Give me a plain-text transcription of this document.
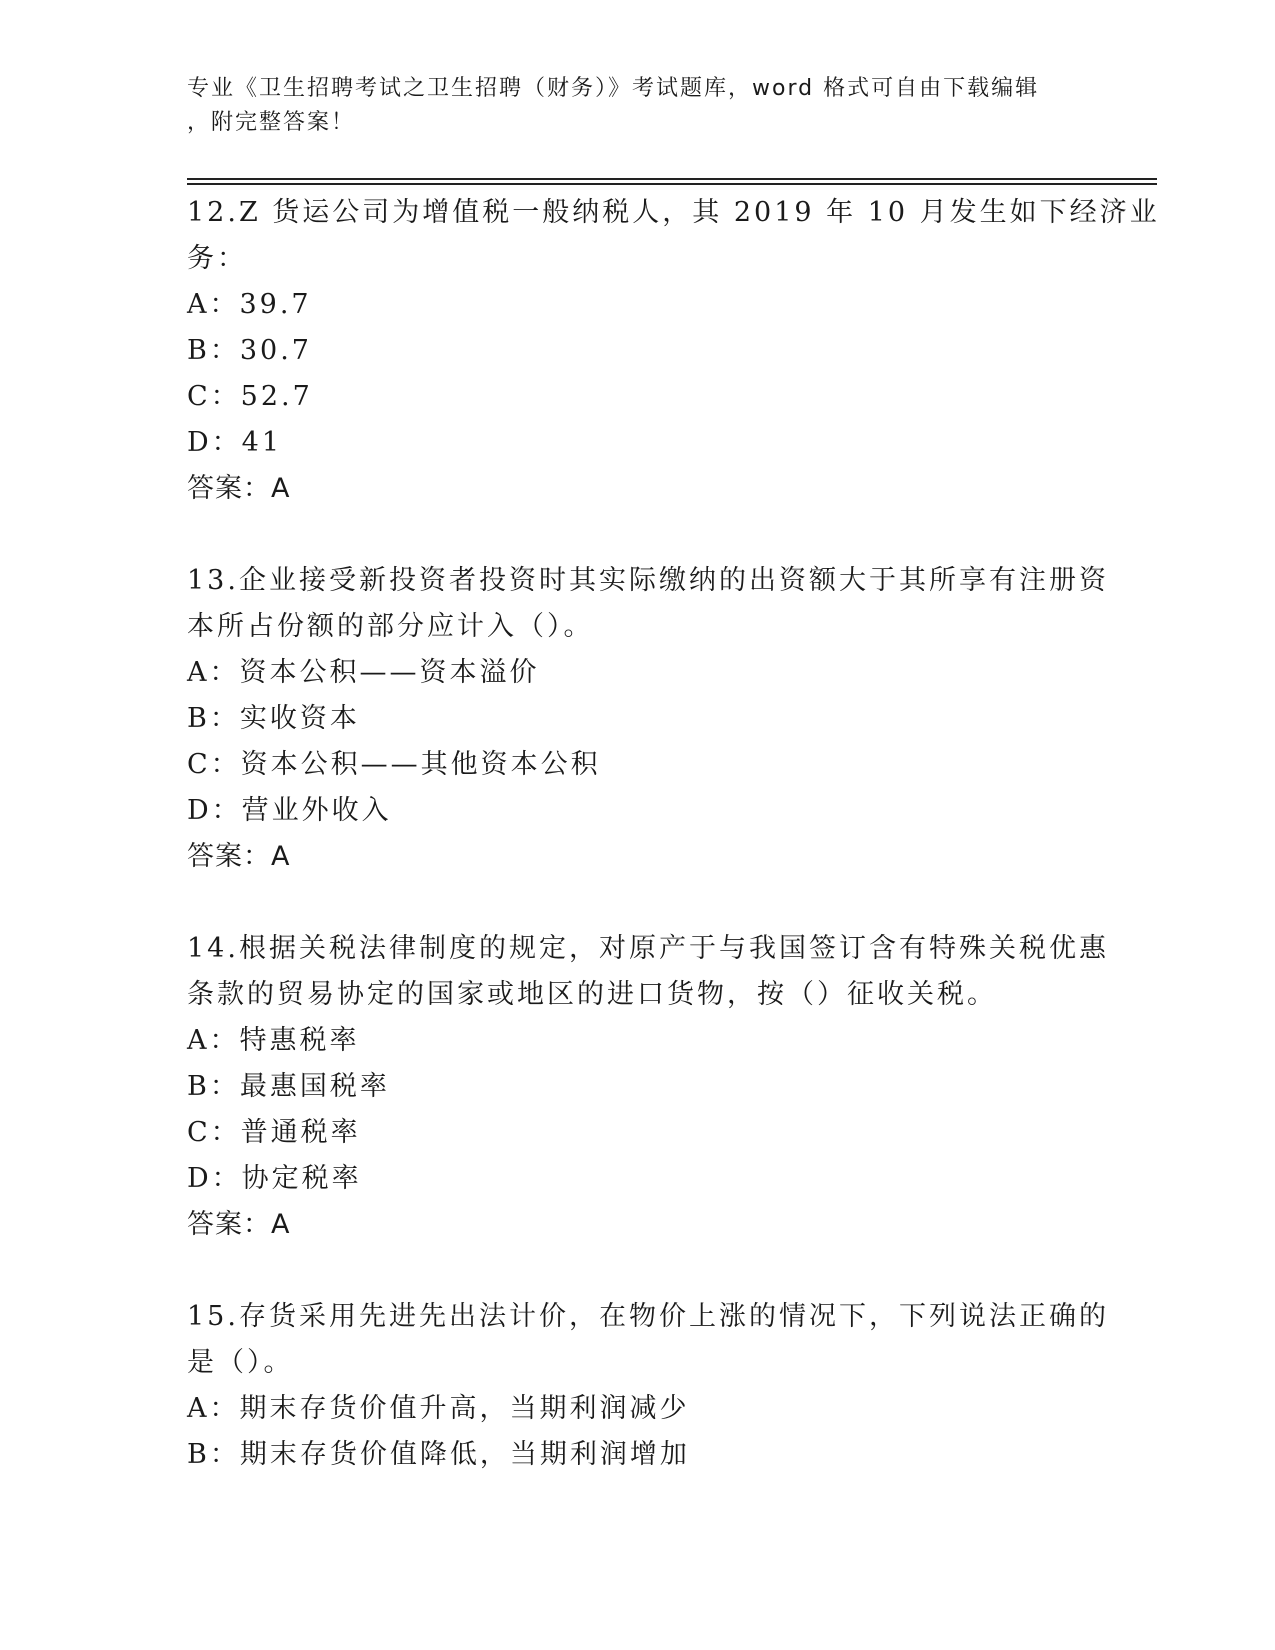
专业《卫生招聘考试之卫生招聘（财务）》考试题库，word 格式可自由下载编辑
，附完整答案！
12.Z 货运公司为增值税一般纳税人，其 2019 年 10 月发生如下经济业
务：
A：39.7
B：30.7
C：52.7
D：41
答案：A
13.企业接受新投资者投资时其实际缴纳的出资额大于其所享有注册资
本所占份额的部分应计入（）。
A：资本公积——资本溢价
B：实收资本
C：资本公积——其他资本公积
D：营业外收入
答案：A
14.根据关税法律制度的规定，对原产于与我国签订含有特殊关税优惠
条款的贸易协定的国家或地区的进口货物，按（）征收关税。
A：特惠税率
B：最惠国税率
C：普通税率
D：协定税率
答案：A
15.存货采用先进先出法计价，在物价上涨的情况下，下列说法正确的
是（）。
A：期末存货价值升高，当期利润减少
B：期末存货价值降低，当期利润增加
